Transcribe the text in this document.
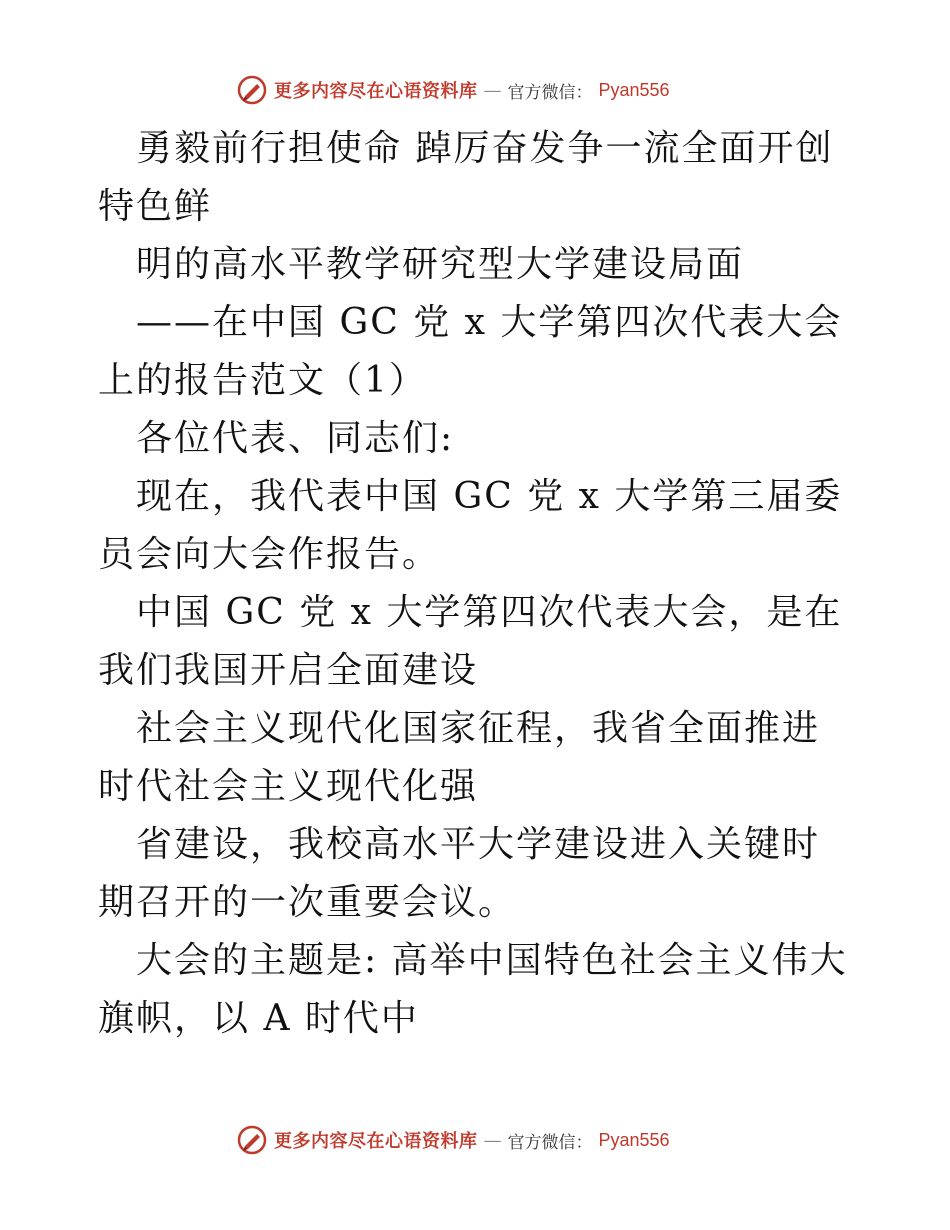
更多内容尽在心语资料库 — 官方微信： Pyan556

勇毅前行担使命 踔厉奋发争一流全面开创特色鲜

明的高水平教学研究型大学建设局面

——在中国 GC 党 x 大学第四次代表大会上的报告范文（1）

各位代表、同志们:

现在，我代表中国 GC 党 x 大学第三届委员会向大会作报告。

中国 GC 党 x 大学第四次代表大会，是在我们我国开启全面建设

社会主义现代化国家征程，我省全面推进时代社会主义现代化强

省建设，我校高水平大学建设进入关键时期召开的一次重要会议。

大会的主题是: 高举中国特色社会主义伟大旗帜，以 A 时代中

更多内容尽在心语资料库 — 官方微信： Pyan556
